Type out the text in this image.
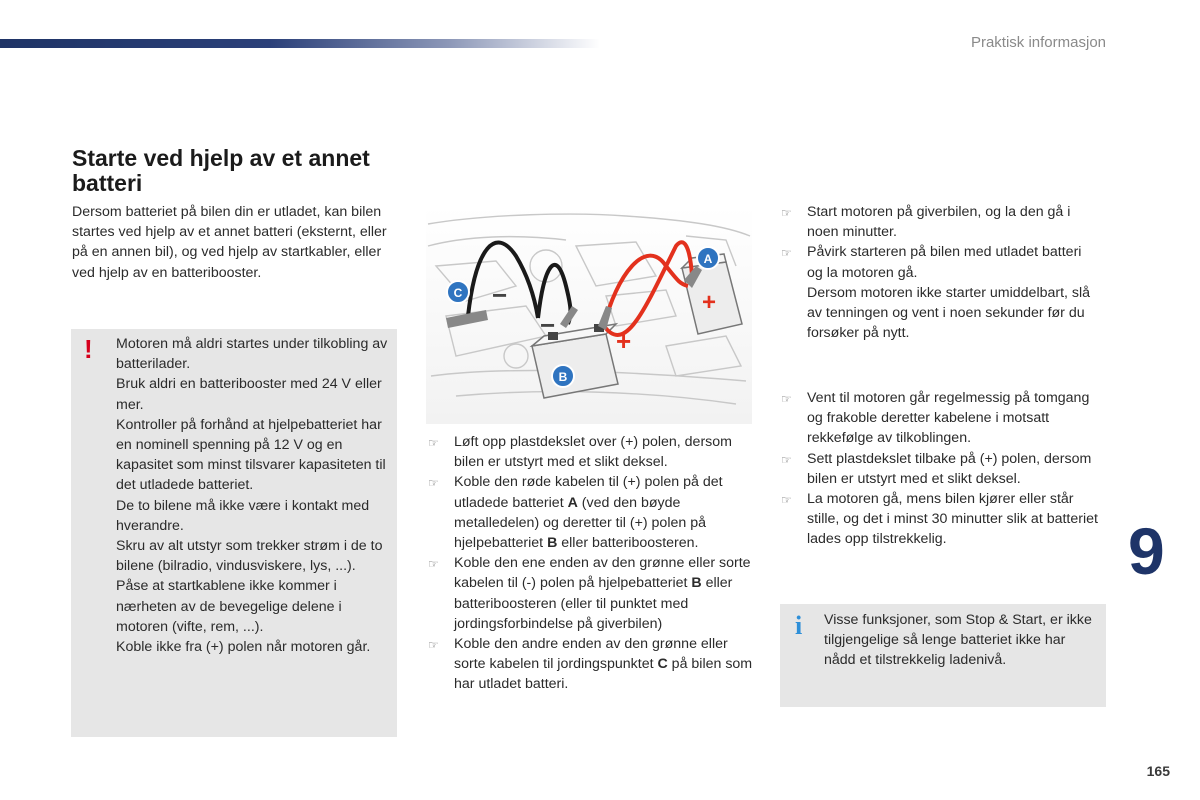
Praktisk informasjon
Starte ved hjelp av et annet batteri
Dersom batteriet på bilen din er utladet, kan bilen startes ved hjelp av et annet batteri (eksternt, eller på en annen bil), og ved hjelp av startkabler, eller ved hjelp av en batteribooster.
! Motoren må aldri startes under tilkobling av batterilader.
Bruk aldri en batteribooster med 24 V eller mer.
Kontroller på forhånd at hjelpebatteriet har en nominell spenning på 12 V og en kapasitet som minst tilsvarer kapasiteten til det utladede batteriet.
De to bilene må ikke være i kontakt med hverandre.
Skru av alt utstyr som trekker strøm i de to bilene (bilradio, vindusviskere, lys, ...).
Påse at startkablene ikke kommer i nærheten av de bevegelige delene i motoren (vifte, rem, ...).
Koble ikke fra (+) polen når motoren går.
−
−
+
+
A
B
C
☞ Løft opp plastdekslet over (+) polen, dersom bilen er utstyrt med et slikt deksel.
☞ Koble den røde kabelen til (+) polen på det utladede batteriet A (ved den bøyde metalledelen) og deretter til (+) polen på hjelpebatteriet B eller batteriboosteren.
☞ Koble den ene enden av den grønne eller sorte kabelen til (-) polen på hjelpebatteriet B eller batteriboosteren (eller til punktet med jordingsforbindelse på giverbilen)
☞ Koble den andre enden av den grønne eller sorte kabelen til jordingspunktet C på bilen som har utladet batteri.
☞ Start motoren på giverbilen, og la den gå i noen minutter.
☞ Påvirk starteren på bilen med utladet batteri og la motoren gå.
Dersom motoren ikke starter umiddelbart, slå av tenningen og vent i noen sekunder før du forsøker på nytt.
☞ Vent til motoren går regelmessig på tomgang og frakoble deretter kabelene i motsatt rekkefølge av tilkoblingen.
☞ Sett plastdekslet tilbake på (+) polen, dersom bilen er utstyrt med et slikt deksel.
☞ La motoren gå, mens bilen kjører eller står stille, og det i minst 30 minutter slik at batteriet lades opp tilstrekkelig.	9
i Visse funksjoner, som Stop & Start, er ikke tilgjengelige så lenge batteriet ikke har nådd et tilstrekkelig ladenivå.
165
